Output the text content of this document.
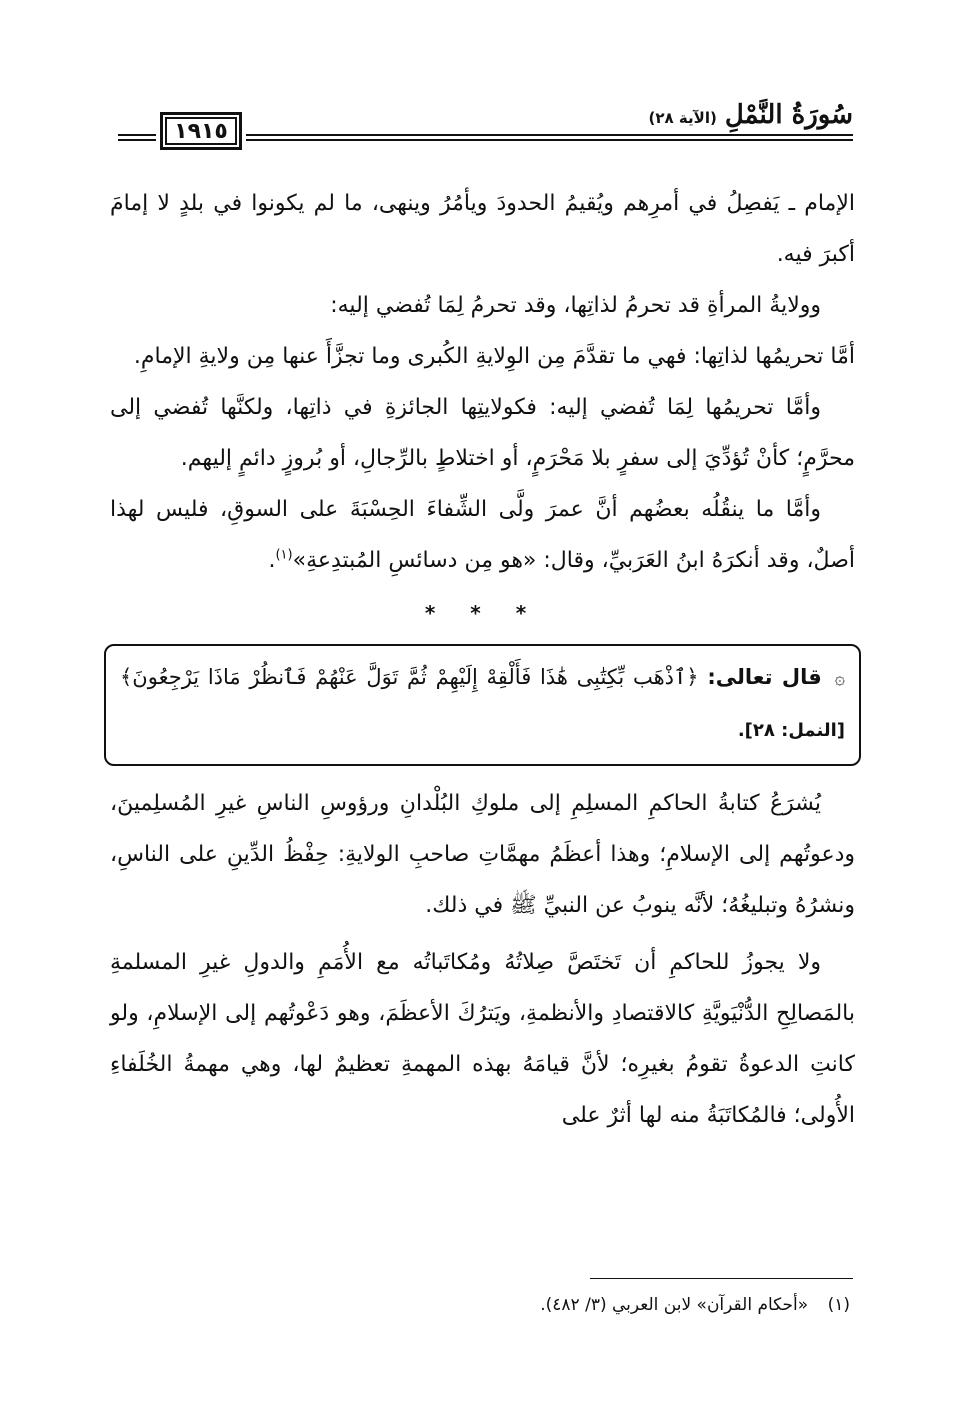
١٩١٥
سُورَةُ النَّمْلِ
(الآية ٢٨)

الإمام ـ يَفصِلُ في أمرِهم ويُقيمُ الحدودَ ويأمُرُ وينهى، ما لم يكونوا في بلدٍ لا إمامَ أكبرَ فيه.

وولايةُ المرأةِ قد تحرمُ لذاتِها، وقد تحرمُ لِمَا تُفضي إليه:

أمَّا تحريمُها لذاتِها: فهي ما تقدَّمَ مِن الوِلايةِ الكُبرى وما تجزَّأَ عنها مِن ولايةِ الإمامِ.

وأمَّا تحريمُها لِمَا تُفضي إليه: فكولايتِها الجائزةِ في ذاتِها، ولكنَّها تُفضي إلى محرَّمٍ؛ كأنْ تُؤدِّيَ إلى سفرٍ بلا مَحْرَمٍ، أو اختلاطٍ بالرِّجالِ، أو بُروزٍ دائمٍ إليهم.

وأمَّا ما ينقُلُه بعضُهم أنَّ عمرَ ولَّى الشِّفاءَ الحِسْبَةَ على السوقِ، فليس لهذا أصلٌ، وقد أنكرَهُ ابنُ العَرَبيِّ، وقال: «هو مِن دسائسِ المُبتدِعةِ»$^{(١)}$.

* * *
۞ قال تعالى: ﴿ٱذْهَب بِّكِتَٰبِى هَٰذَا فَأَلْقِهْ إِلَيْهِمْ ثُمَّ تَوَلَّ عَنْهُمْ فَٱنظُرْ مَاذَا يَرْجِعُونَ﴾ [النمل: ٢٨].

يُشرَعُ كتابةُ الحاكمِ المسلِمِ إلى ملوكِ البُلْدانِ ورؤوسِ الناسِ غيرِ المُسلِمينَ، ودعوتُهم إلى الإسلامِ؛ وهذا أعظَمُ مهمَّاتِ صاحبِ الولايةِ: حِفْظُ الدِّينِ على الناسِ، ونشرُهُ وتبليغُهُ؛ لأنَّه ينوبُ عن النبيِّ ﷺ في ذلك.

ولا يجوزُ للحاكمِ أن تَختَصَّ صِلاتُهُ ومُكاتَباتُه مع الأُمَمِ والدولِ غيرِ المسلمةِ بالمَصالِحِ الدُّنْيَويَّةِ كالاقتصادِ والأنظمةِ، ويَترُكَ الأعظَمَ، وهو دَعْوتُهم إلى الإسلامِ، ولو كانتِ الدعوةُ تقومُ بغيرِه؛ لأنَّ قيامَهُ بهذه المهمةِ تعظيمٌ لها، وهي مهمةُ الخُلَفاءِ الأُولى؛ فالمُكاتَبَةُ منه لها أثرٌ على

(١) «أحكام القرآن» لابن العربي (٣/ ٤٨٢).
